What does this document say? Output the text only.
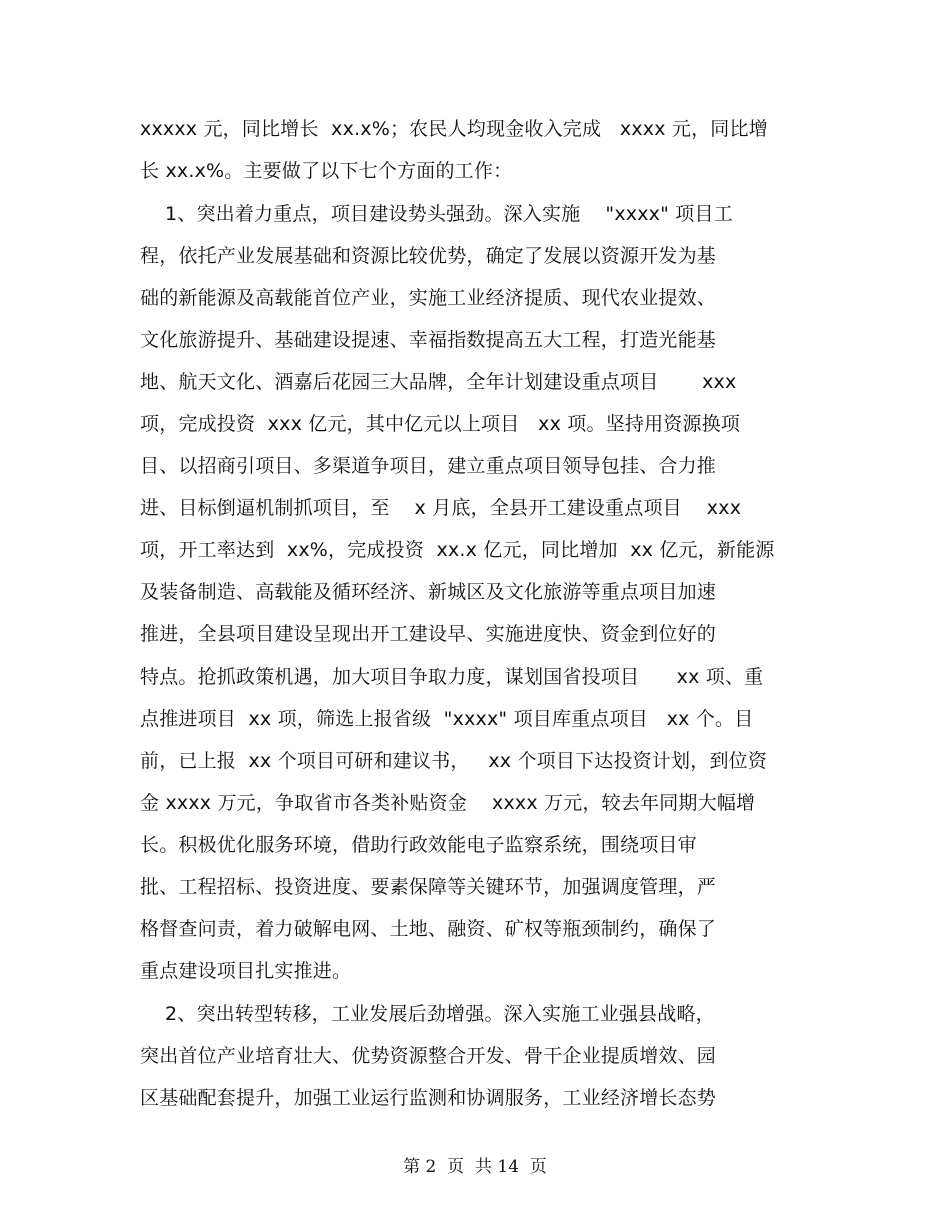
xxxxx 元，同比增长  xx.x%；农民人均现金收入完成   xxxx 元，同比增
长 xx.x%。主要做了以下七个方面的工作：
1、突出着力重点，项目建设势头强劲。深入实施    "xxxx" 项目工
程，依托产业发展基础和资源比较优势，确定了发展以资源开发为基
础的新能源及高载能首位产业，实施工业经济提质、现代农业提效、
文化旅游提升、基础建设提速、幸福指数提高五大工程，打造光能基
地、航天文化、酒嘉后花园三大品牌，全年计划建设重点项目       xxx
项，完成投资  xxx 亿元，其中亿元以上项目   xx 项。坚持用资源换项
目、以招商引项目、多渠道争项目，建立重点项目领导包挂、合力推
进、目标倒逼机制抓项目，至    x 月底，全县开工建设重点项目    xxx
项，开工率达到  xx%，完成投资  xx.x 亿元，同比增加  xx 亿元，新能源
及装备制造、高载能及循环经济、新城区及文化旅游等重点项目加速
推进，全县项目建设呈现出开工建设早、实施进度快、资金到位好的
特点。抢抓政策机遇，加大项目争取力度，谋划国省投项目      xx 项、重
点推进项目  xx 项，筛选上报省级  "xxxx" 项目库重点项目   xx 个。目
前，已上报  xx 个项目可研和建议书，   xx 个项目下达投资计划，到位资
金 xxxx 万元，争取省市各类补贴资金    xxxx 万元，较去年同期大幅增
长。积极优化服务环境，借助行政效能电子监察系统，围绕项目审
批、工程招标、投资进度、要素保障等关键环节，加强调度管理，严
格督查问责，着力破解电网、土地、融资、矿权等瓶颈制约，确保了
重点建设项目扎实推进。
2、突出转型转移，工业发展后劲增强。深入实施工业强县战略，
突出首位产业培育壮大、优势资源整合开发、骨干企业提质增效、园
区基础配套提升，加强工业运行监测和协调服务，工业经济增长态势
第 2  页  共 14  页
